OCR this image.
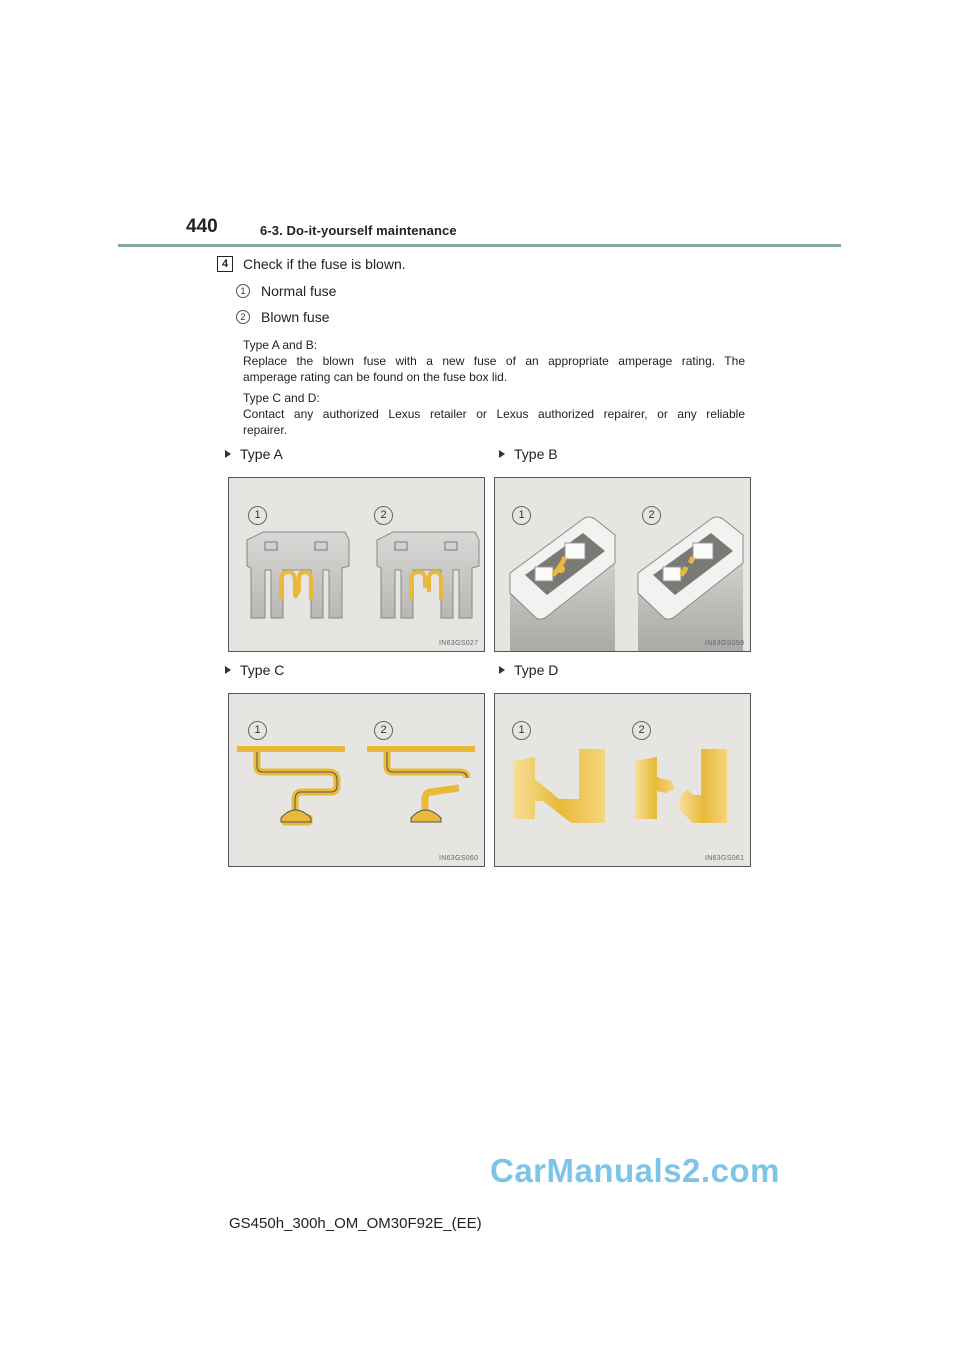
440	6-3. Do-it-yourself maintenance
4	Check if the fuse is blown.
1	Normal fuse
2	Blown fuse
Type A and B:
Replace the blown fuse with a new fuse of an appropriate amperage rating. The
amperage rating can be found on the fuse box lid.
Type C and D:
Contact any authorized Lexus retailer or Lexus authorized repairer, or any reliable
repairer.
Type A	Type B
Type C	Type D
1	2
IN63GS027
1	2
IN63GS059
1	2
IN63GS060
1	2
IN63GS061
CarManuals2.com
GS450h_300h_OM_OM30F92E_(EE)
